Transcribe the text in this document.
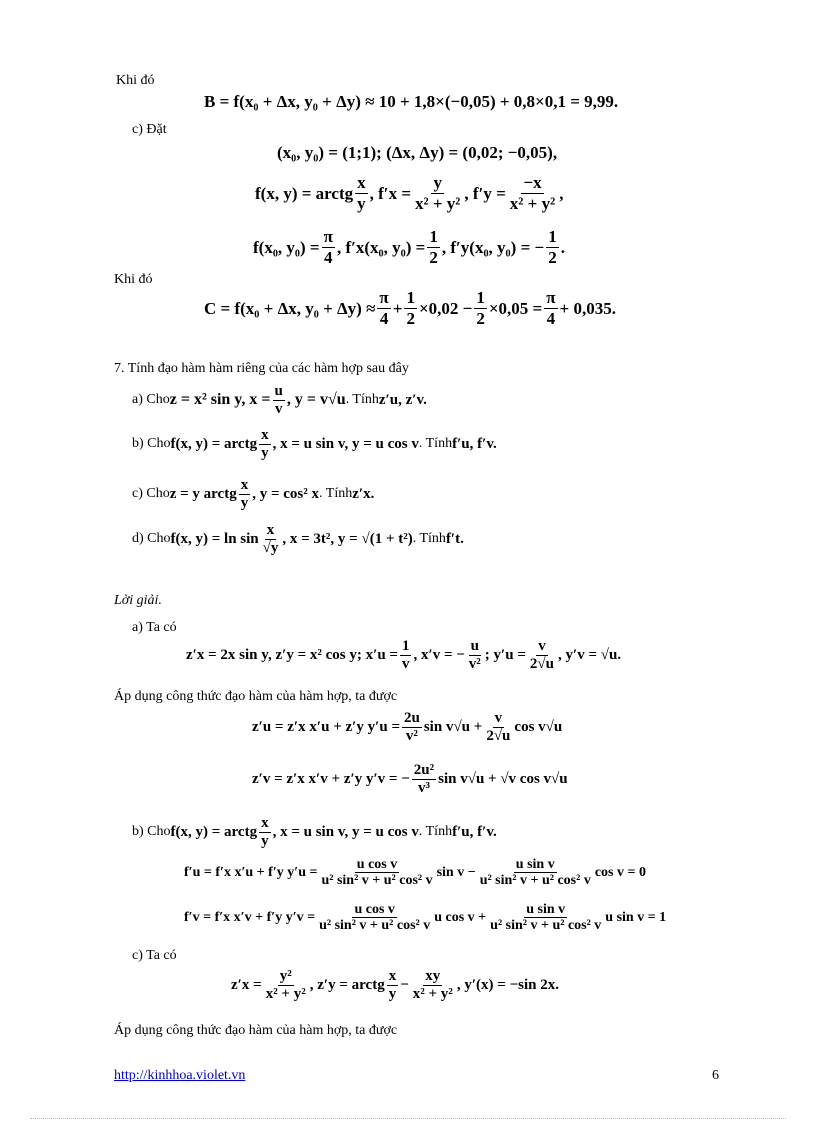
Khi đó
B = f(x₀ + Δx, y₀ + Δy) ≈ 10 + 1,8×(−0,05) + 0,8×0,1 = 9,99.
c) Đặt
(x₀, y₀) = (1;1); (Δx, Δy) = (0,02; −0,05),
f(x, y) = arctg $\frac{x}{y}$ , $f'x = \frac{y}{\text{x² + y²}}$ , $f'y = \frac{-x}{\text{x² + y²}}$ ,
f(x₀, $y_0) = \frac{\pi}{4}$ , f′x(x₀, $y_0) = \frac{1}{2}$ , f′y(x₀, y₀) = − $\frac{1}{2}$ .
Khi đó
C = f(x₀ + Δx, $y_0 + \Delta y) \approx \frac{\pi}{4} + \frac{1}{2} \times 0,02 - \frac{1}{2} \times 0,05 = \frac{\pi}{4} + 0,035$.
7. Tính đạo hàm hàm riêng của các hàm hợp sau đây
a) Cho z = x² sin y, $x = \frac{u}{v}$ , y = v√u . Tính z′u, z′v.
b) Cho f(x, y) = arctg $\frac{x}{y}$ , x = u sin v, y = u cos v . Tính f′u, f′v.
c) Cho z = y arctg $\frac{x}{y}$ , y = cos² x . Tính z′x.
d) Cho f(x, $y) = \ln \sin \frac{x}{√y}$ , x = 3t², y = √(1 + t²) . Tính f′t.
Lời giải.
a) Ta có
z′x = 2x sin y, z′y = x² cos y; $x'u = \frac{1}{v}$ , x′v = − $\frac{u}{\text{v²}}$ ; $y'u = \frac{v}{2√u}$ , y′v = √u.
Áp dụng công thức đạo hàm của hàm hợp, ta được
z′u = z′x x′u + z′y $y'u = \frac{2u}{\text{v²}}$ $\sin v√u + \frac{v}{2√u}$ cos v√u
z′v = z′x x′v + z′y y′v = − $\frac{\text{2u²}}{\text{v³}}$ sin v√u + √v cos v√u
b) Cho f(x, y) = arctg $\frac{x}{y}$ , x = u sin v, y = u cos v . Tính f′u, f′v.
f′u = f′x x′u + f′y $y'u = \frac{\text{u cos v}}{\text{u² sin² v + u² cos² v}}$ $\sin v - \frac{\text{u sin v}}{\text{u² sin² v + u² cos² v}}$ cos v = 0
f′v = f′x x′v + f′y $y'v = \frac{\text{u cos v}}{\text{u² sin² v + u² cos² v}}$ u $\cos v + \frac{\text{u sin v}}{\text{u² sin² v + u² cos² v}}$ u sin v = 1
c) Ta có
$z'x = \frac{\text{y²}}{\text{x² + y²}}$ , z′y = arctg $\frac{x}{y} - \frac{xy}{\text{x² + y²}}$ , y′(x) = −sin 2x.
Áp dụng công thức đạo hàm của hàm hợp, ta được
http://kinhhoa.violet.vn	6
